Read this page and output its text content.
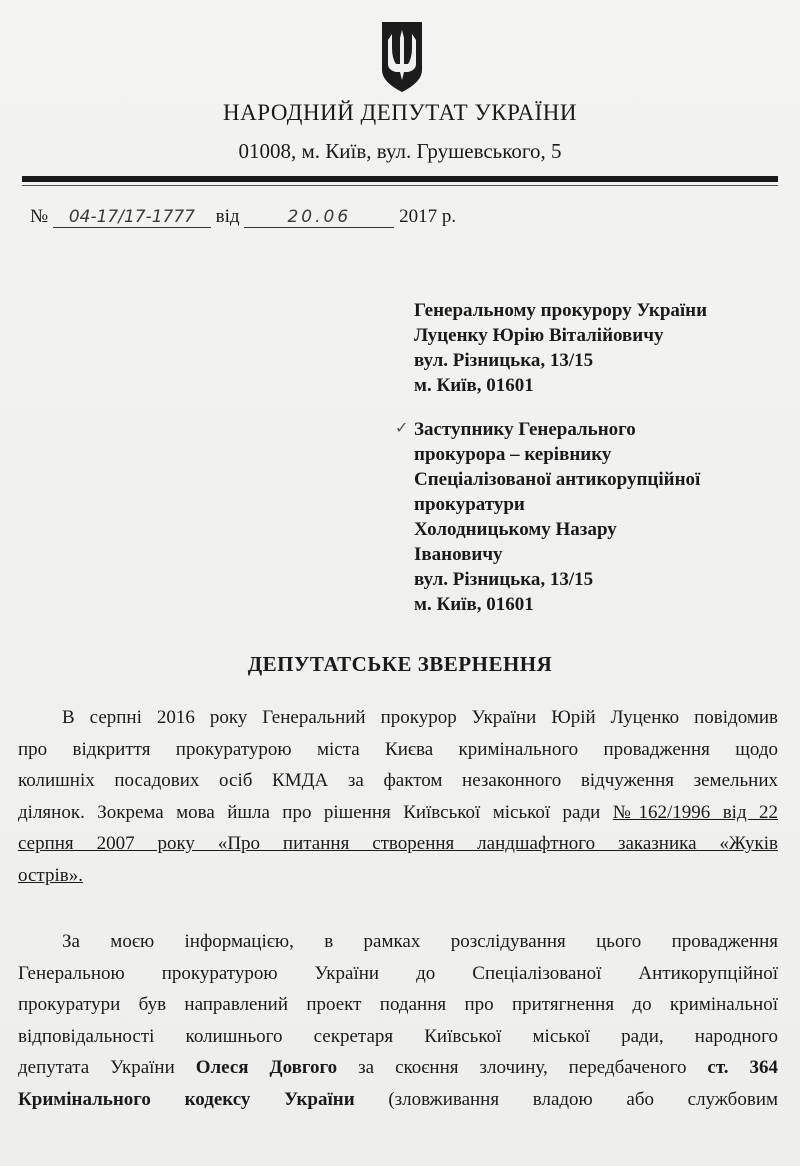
НАРОДНИЙ ДЕПУТАТ УКРАЇНИ
01008, м. Київ, вул. Грушевського, 5
№ 04-17/17-1777 від	20.06	2017 р.
Генеральному прокурору України
Луценку Юрію Віталійовичу
вул. Різницька, 13/15
м. Київ, 01601
✓ Заступнику Генерального
прокурора – керівнику
Спеціалізованої антикорупційної
прокуратури
Холодницькому Назару
Івановичу
вул. Різницька, 13/15
м. Київ, 01601
ДЕПУТАТСЬКЕ ЗВЕРНЕННЯ
В серпні 2016 року Генеральний прокурор України Юрій Луценко повідомив
про відкриття прокуратурою міста Києва кримінального провадження щодо
колишніх посадових осіб КМДА за фактом незаконного відчуження земельних
ділянок. Зокрема мова йшла про рішення Київської міської ради №162/1996 від 22
серпня 2007 року «Про питання створення ландшафтного заказника «Жуків
острів».
За моєю інформацією, в рамках розслідування цього провадження
Генеральною прокуратурою України до Спеціалізованої Антикорупційної
прокуратури був направлений проект подання про притягнення до кримінальної
відповідальності колишнього секретаря Київської міської ради, народного
депутата України Олеся Довгого за скоєння злочину, передбаченого ст. 364
Кримінального кодексу України (зловживання владою або службовим
